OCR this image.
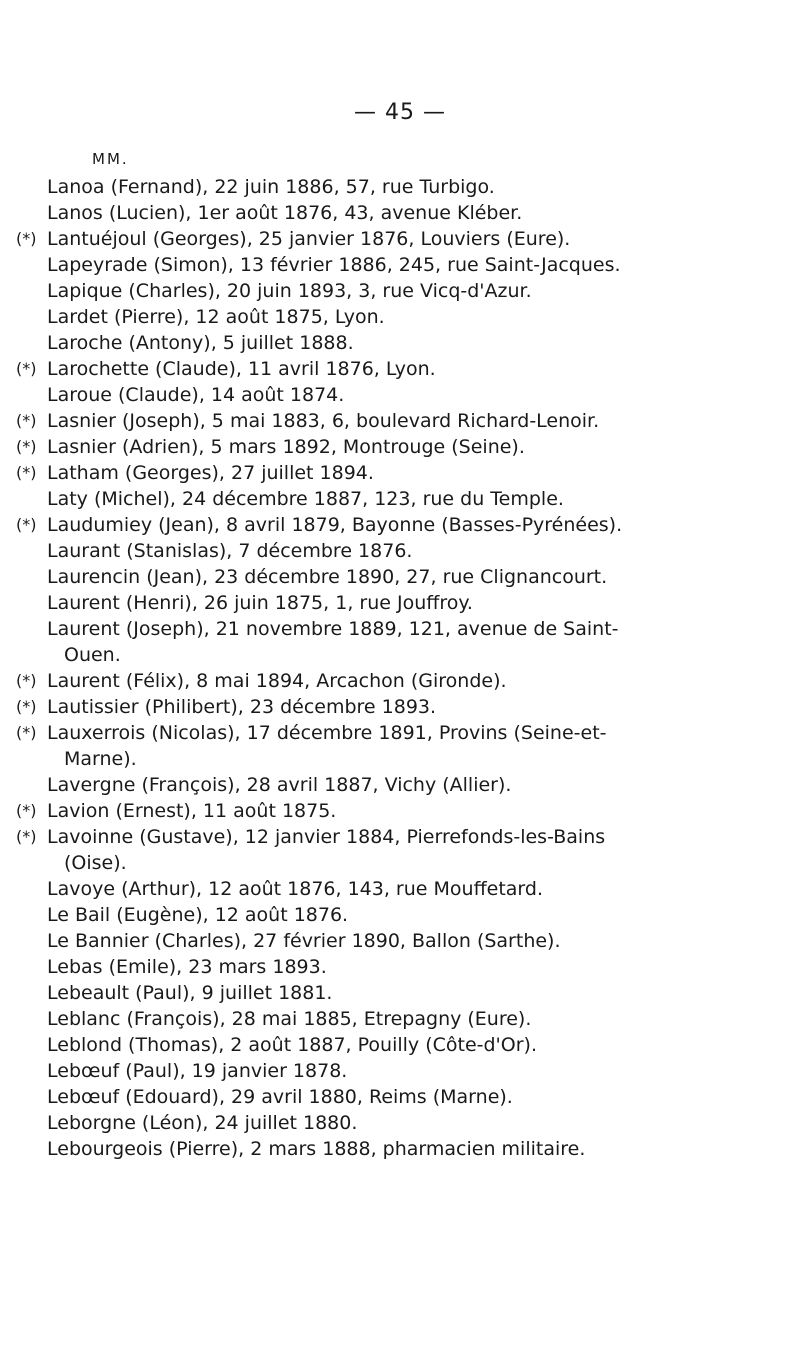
— 45 —
MM.
Lanoa (Fernand), 22 juin 1886, 57, rue Turbigo.
Lanos (Lucien), 1er août 1876, 43, avenue Kléber.
(*) Lantuéjoul (Georges), 25 janvier 1876, Louviers (Eure).
Lapeyrade (Simon), 13 février 1886, 245, rue Saint-Jacques.
Lapique (Charles), 20 juin 1893, 3, rue Vicq-d'Azur.
Lardet (Pierre), 12 août 1875, Lyon.
Laroche (Antony), 5 juillet 1888.
(*) Larochette (Claude), 11 avril 1876, Lyon.
Laroue (Claude), 14 août 1874.
(*) Lasnier (Joseph), 5 mai 1883, 6, boulevard Richard-Lenoir.
(*) Lasnier (Adrien), 5 mars 1892, Montrouge (Seine).
(*) Latham (Georges), 27 juillet 1894.
Laty (Michel), 24 décembre 1887, 123, rue du Temple.
(*) Laudumiey (Jean), 8 avril 1879, Bayonne (Basses-Pyrénées).
Laurant (Stanislas), 7 décembre 1876.
Laurencin (Jean), 23 décembre 1890, 27, rue Clignancourt.
Laurent (Henri), 26 juin 1875, 1, rue Jouffroy.
Laurent (Joseph), 21 novembre 1889, 121, avenue de Saint-
Ouen.
(*) Laurent (Félix), 8 mai 1894, Arcachon (Gironde).
(*) Lautissier (Philibert), 23 décembre 1893.
(*) Lauxerrois (Nicolas), 17 décembre 1891, Provins (Seine-et-
Marne).
Lavergne (François), 28 avril 1887, Vichy (Allier).
(*) Lavion (Ernest), 11 août 1875.
(*) Lavoinne (Gustave), 12 janvier 1884, Pierrefonds-les-Bains
(Oise).
Lavoye (Arthur), 12 août 1876, 143, rue Mouffetard.
Le Bail (Eugène), 12 août 1876.
Le Bannier (Charles), 27 février 1890, Ballon (Sarthe).
Lebas (Emile), 23 mars 1893.
Lebeault (Paul), 9 juillet 1881.
Leblanc (François), 28 mai 1885, Etrepagny (Eure).
Leblond (Thomas), 2 août 1887, Pouilly (Côte-d'Or).
Lebœuf (Paul), 19 janvier 1878.
Lebœuf (Edouard), 29 avril 1880, Reims (Marne).
Leborgne (Léon), 24 juillet 1880.
Lebourgeois (Pierre), 2 mars 1888, pharmacien militaire.
